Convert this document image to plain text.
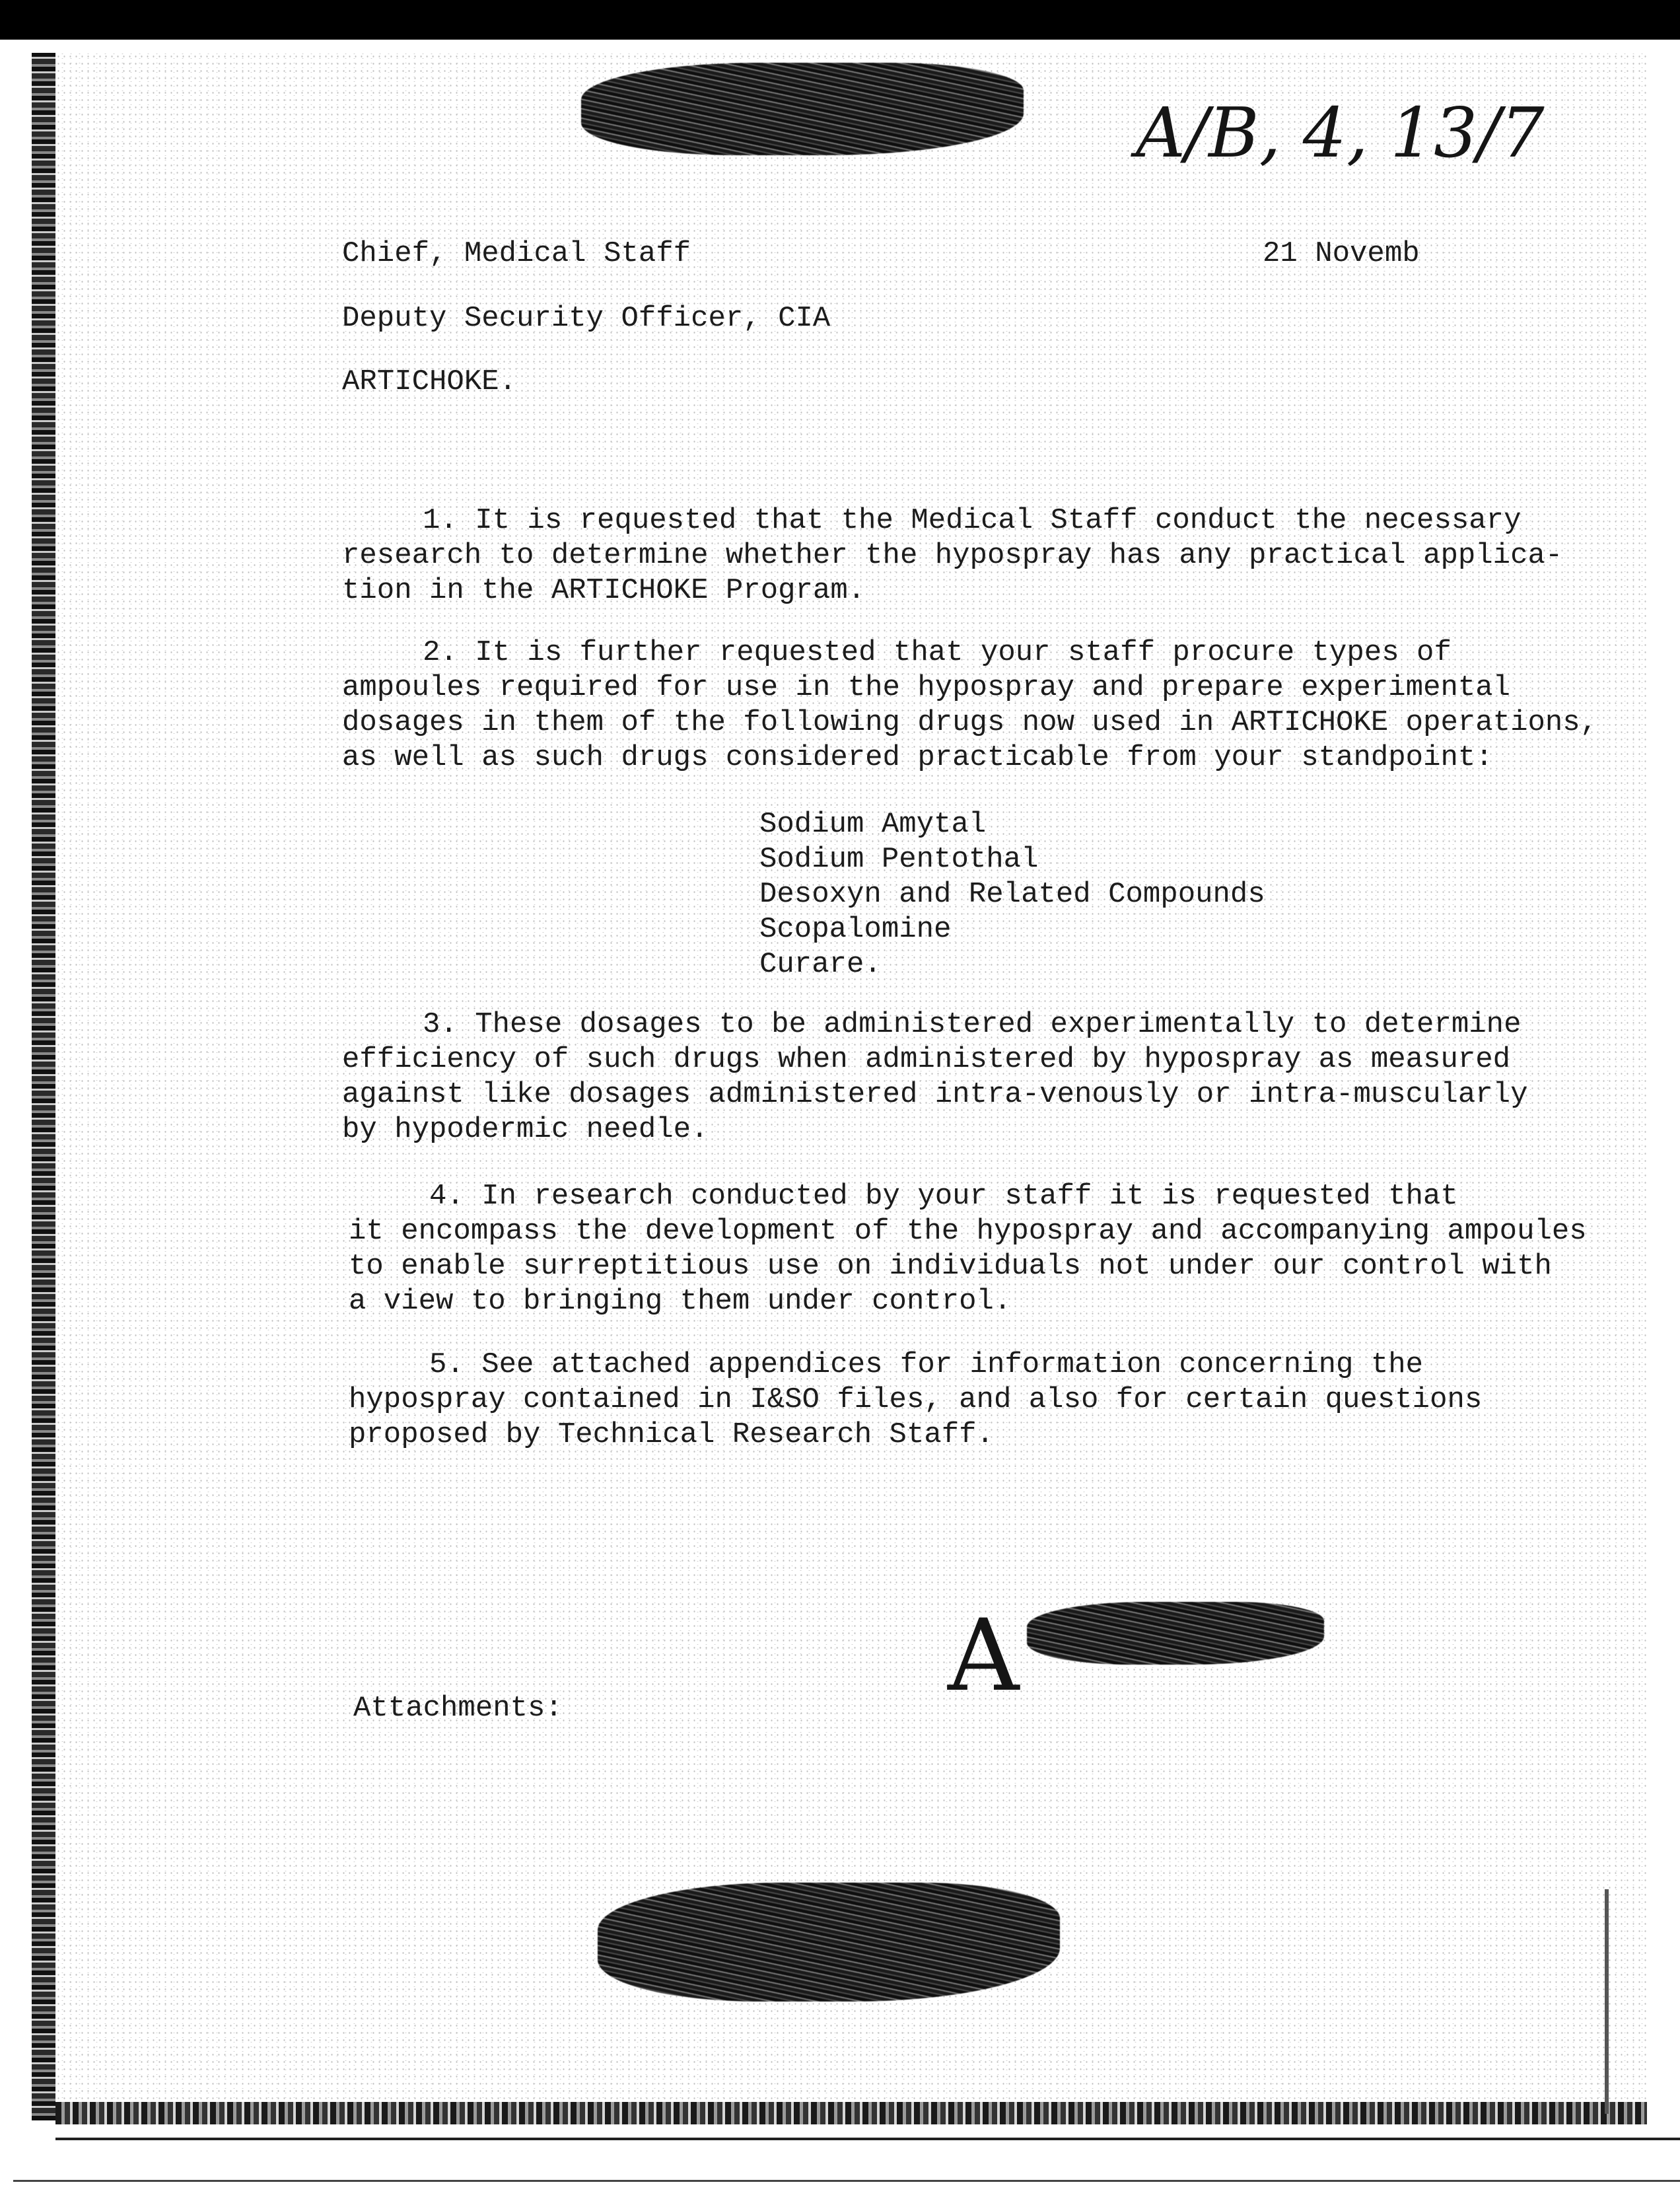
A/B, 4, 13/7
A

Chief, Medical Staff	21 Novemb

Deputy Security Officer, CIA

ARTICHOKE.

1. It is requested that the Medical Staff conduct the necessary

research to determine whether the hypospray has any practical applica-

tion in the ARTICHOKE Program.

2. It is further requested that your staff procure types of

ampoules required for use in the hypospray and prepare experimental

dosages in them of the following drugs now used in ARTICHOKE operations,

as well as such drugs considered practicable from your standpoint:

Sodium Amytal

Sodium Pentothal

Desoxyn and Related Compounds

Scopalomine

Curare.

3. These dosages to be administered experimentally to determine

efficiency of such drugs when administered by hypospray as measured

against like dosages administered intra-venously or intra-muscularly

by hypodermic needle.

4. In research conducted by your staff it is requested that

it encompass the development of the hypospray and accompanying ampoules

to enable surreptitious use on individuals not under our control with

a view to bringing them under control.

5. See attached appendices for information concerning the

hypospray contained in I&SO files, and also for certain questions

proposed by Technical Research Staff.

Attachments:
